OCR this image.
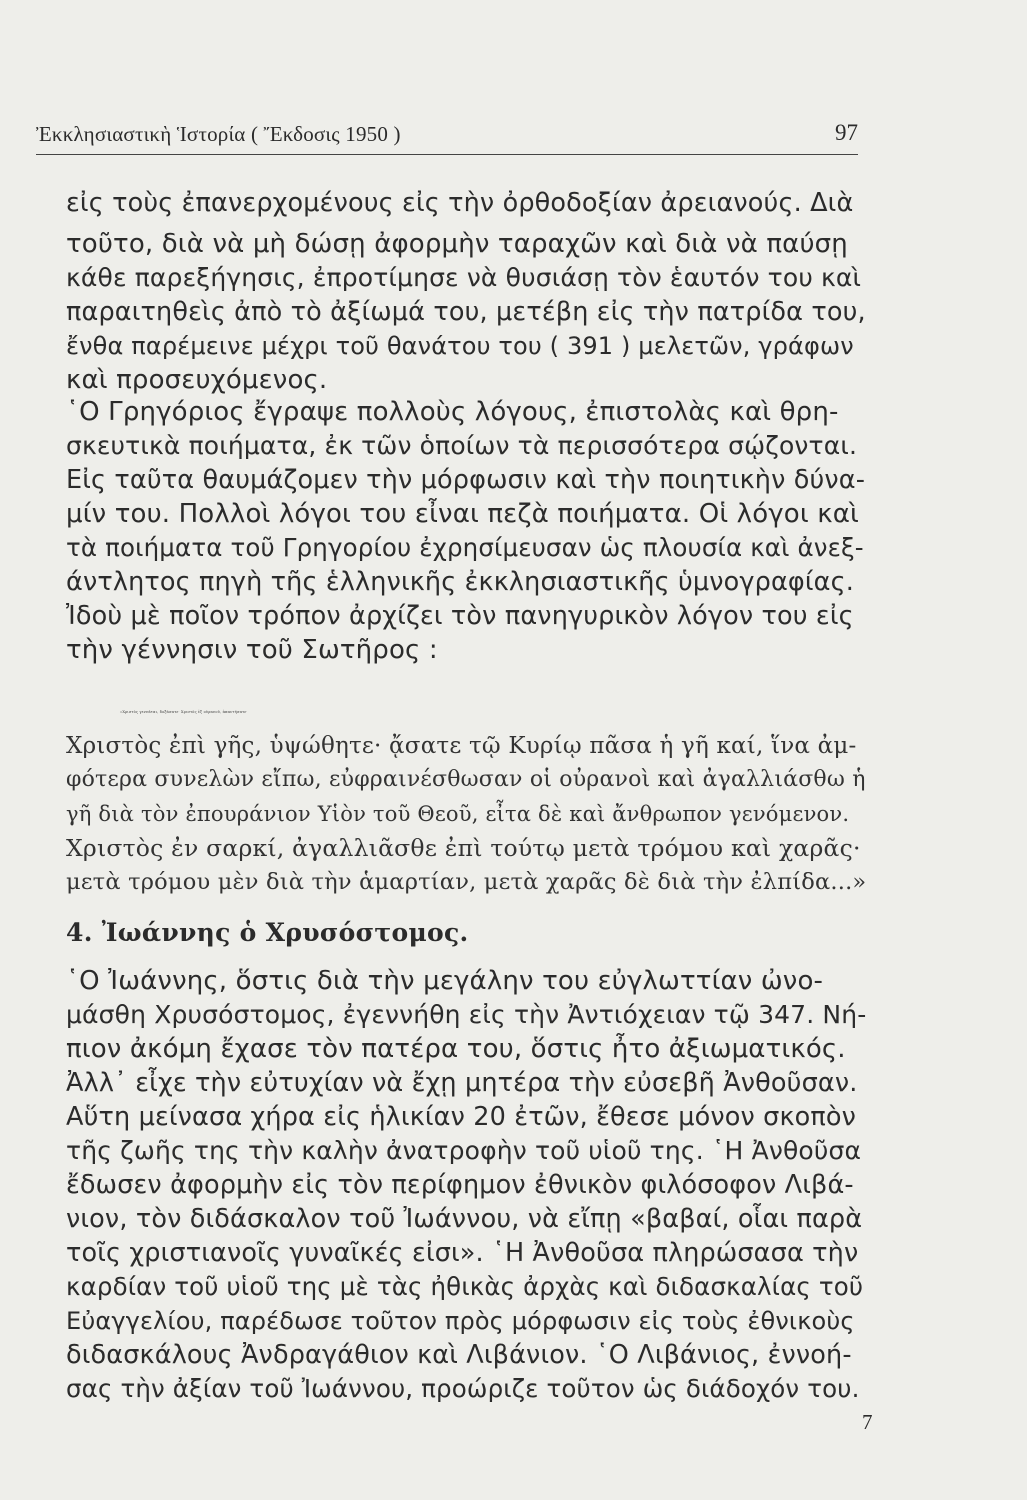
Ἐκκλησιαστικὴ Ἱστορία ( Ἔκδοσις 1950 )	97
εἰς τοὺς ἐπανερχομένους εἰς τὴν ὀρθοδοξίαν ἀρειανούς. Διὰ
τοῦτο, διὰ νὰ μὴ δώσῃ ἀφορμὴν ταραχῶν καὶ διὰ νὰ παύσῃ
κάθε παρεξήγησις, ἐπροτίμησε νὰ θυσιάσῃ τὸν ἑαυτόν του καὶ
παραιτηθεὶς ἀπὸ τὸ ἀξίωμά του, μετέβη εἰς τὴν πατρίδα του,
ἔνθα παρέμεινε μέχρι τοῦ θανάτου του ( 391 ) μελετῶν, γράφων
καὶ προσευχόμενος.
῾Ο Γρηγόριος ἔγραψε πολλοὺς λόγους, ἐπιστολὰς καὶ θρη-
σκευτικὰ ποιήματα, ἐκ τῶν ὁποίων τὰ περισσότερα σῴζονται.
Εἰς ταῦτα θαυμάζομεν τὴν μόρφωσιν καὶ τὴν ποιητικὴν δύνα-
μίν του. Πολλοὶ λόγοι του εἶναι πεζὰ ποιήματα. Οἱ λόγοι καὶ
τὰ ποιήματα τοῦ Γρηγορίου ἐχρησίμευσαν ὡς πλουσία καὶ ἀνεξ-
άντλητος πηγὴ τῆς ἑλληνικῆς ἐκκλησιαστικῆς ὑμνογραφίας.
Ἰδοὺ μὲ ποῖον τρόπον ἀρχίζει τὸν πανηγυρικὸν λόγον του εἰς
τὴν γέννησιν τοῦ Σωτῆρος :
«Χριστὸς γεννᾶται, δοξάσατε· Χριστὸς ἐξ οὐρανοῦ, ἀπαντήσατε·
Χριστὸς ἐπὶ γῆς, ὑψώθητε· ᾄσατε τῷ Κυρίῳ πᾶσα ἡ γῆ καί, ἵνα ἀμ-
φότερα συνελὼν εἴπω, εὐφραινέσθωσαν οἱ οὐρανοὶ καὶ ἀγαλλιάσθω ἡ
γῆ διὰ τὸν ἐπουράνιον Υἱὸν τοῦ Θεοῦ, εἶτα δὲ καὶ ἄνθρωπον γενόμενον.
Χριστὸς ἐν σαρκί, ἀγαλλιᾶσθε ἐπὶ τούτῳ μετὰ τρόμου καὶ χαρᾶς·
μετὰ τρόμου μὲν διὰ τὴν ἁμαρτίαν, μετὰ χαρᾶς δὲ διὰ τὴν ἐλπίδα...»
4. Ἰωάννης ὁ Χρυσόστομος.
῾Ο Ἰωάννης, ὅστις διὰ τὴν μεγάλην του εὐγλωττίαν ὠνο-
μάσθη Χρυσόστομος, ἐγεννήθη εἰς τὴν Ἀντιόχειαν τῷ 347. Νή-
πιον ἀκόμη ἔχασε τὸν πατέρα του, ὅστις ἦτο ἀξιωματικός.
Ἀλλ᾽ εἶχε τὴν εὐτυχίαν νὰ ἔχῃ μητέρα τὴν εὐσεβῆ Ἀνθοῦσαν.
Αὕτη μείνασα χήρα εἰς ἡλικίαν 20 ἐτῶν, ἔθεσε μόνον σκοπὸν
τῆς ζωῆς της τὴν καλὴν ἀνατροφὴν τοῦ υἱοῦ της. ῾Η Ἀνθοῦσα
ἔδωσεν ἀφορμὴν εἰς τὸν περίφημον ἐθνικὸν φιλόσοφον Λιβά-
νιον, τὸν διδάσκαλον τοῦ Ἰωάννου, νὰ εἴπῃ «βαβαί, οἷαι παρὰ
τοῖς χριστιανοῖς γυναῖκές εἰσι». ῾Η Ἀνθοῦσα πληρώσασα τὴν
καρδίαν τοῦ υἱοῦ της μὲ τὰς ἠθικὰς ἀρχὰς καὶ διδασκαλίας τοῦ
Εὐαγγελίου, παρέδωσε τοῦτον πρὸς μόρφωσιν εἰς τοὺς ἐθνικοὺς
διδασκάλους Ἀνδραγάθιον καὶ Λιβάνιον. ῾Ο Λιβάνιος, ἐννοή-
σας τὴν ἀξίαν τοῦ Ἰωάννου, προώριζε τοῦτον ὡς διάδοχόν του.
7
